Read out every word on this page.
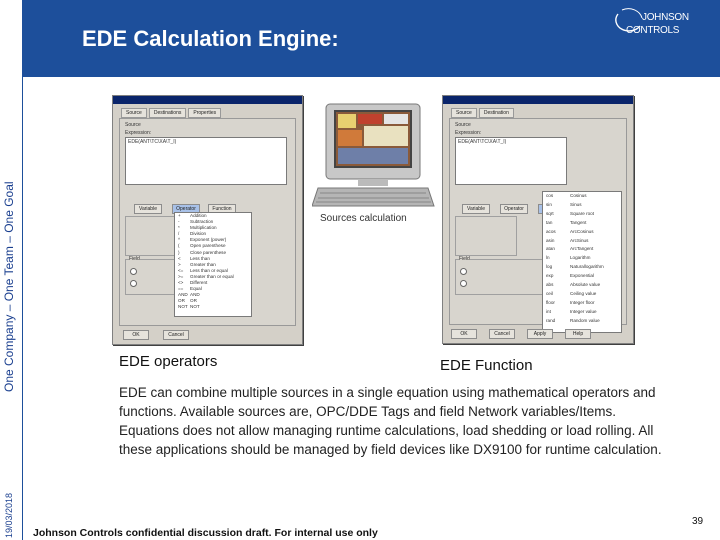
One Company – One Team – One Goal
19/03/2018
EDE Calculation Engine:
JOHNSON
CONTROLS
Source	Destinations	Properties
Source
Expression:
EDE(ANT\TC\XA\T_I)
Variable	Operator	Function
Field
+ Addition
- Subtraction
* Multiplication
/ Division
^ Exponent (power)
( Open parenthese
) Close parenthese
< Less than
> Greater than
<= Less than or equal
>= Greater than or equal
<> Different
== Equal
AND AND
OR OR
NOT NOT
OK	Cancel
Sources calculation
Source	Destination
Source
Expression:
EDE(ANT\TC\XA\T_I)
Variable	Operator
Field
cos	Cosinus
sin	Sinus
sqrt	Square root
tan	Tangent
acos	ArcCosinus
asin	ArcSinus
atan	ArcTangent
ln	Logarithm
log	Naturallogarithm
exp	Exponential
abs	Absolute value
ceil	Ceiling value
floor	Integer floor
int	Integer value
rand	Random value
OK	Cancel	Apply	Help
EDE operators	EDE Function
EDE can combine multiple sources in a single equation using mathematical operators and functions. Available sources are, OPC/DDE Tags and field Network variables/Items. Equations does not allow managing runtime calculations, load shedding or load rolling. All these applications should be managed by field devices like DX9100 for runtime calculation.
Johnson Controls confidential discussion draft. For internal use only
39
